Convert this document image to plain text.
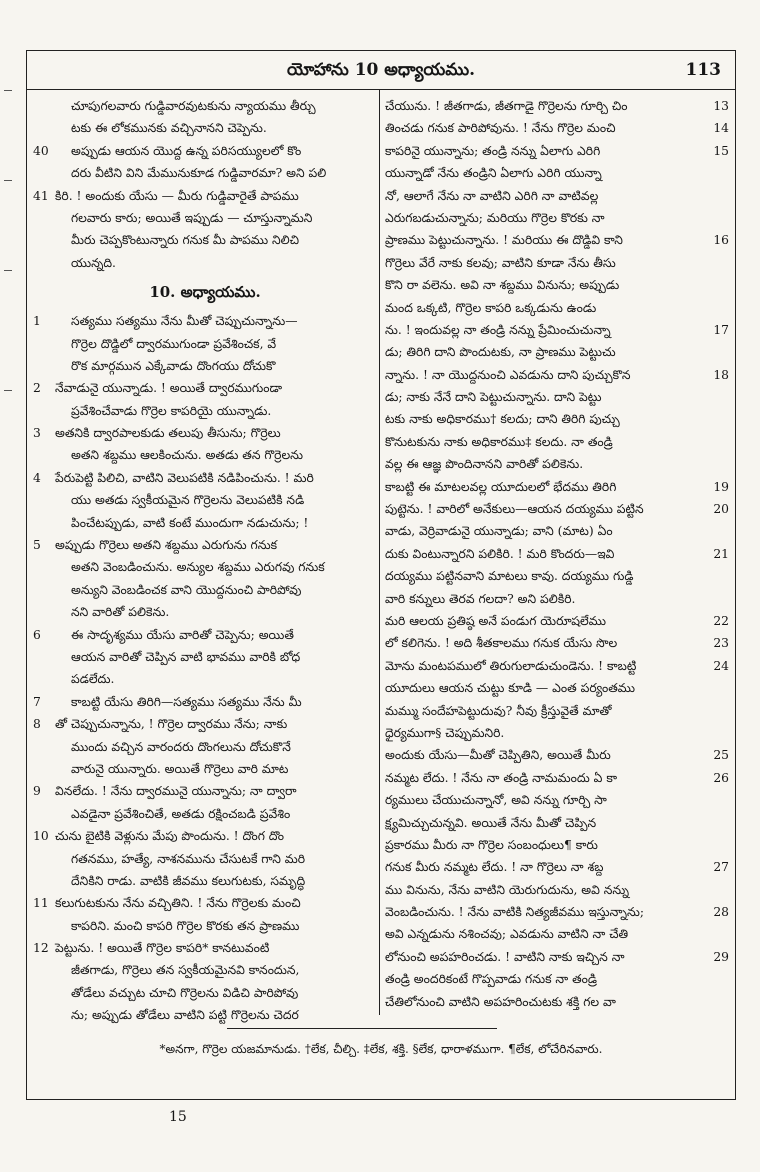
యోహాను 10 అధ్యాయము.	113
చూపుగలవారు గుడ్డివారవుటకును న్యాయము తీర్చు
టకు ఈ లోకమునకు వచ్చినానని చెప్పెను.
40	అప్పుడు ఆయన యొద్ద ఉన్న పరిసయ్యులలో కొం
దరు వీటిని విని మేమునుకూడ గుడ్డివారమా? అని పలి
41 కిరి. ! అందుకు యేసు — మీరు గుడ్డివారైతే పాపము
గలవారు కారు; అయితే ఇప్పుడు — చూస్తున్నామని
మీరు చెప్పకొంటున్నారు గనుక మీ పాపము నిలిచి
యున్నది.
10. అధ్యాయము.
1	సత్యము సత్యము నేను మీతో చెప్పుచున్నాను—
గొర్రెల దొడ్డిలో ద్వారముగుండా ప్రవేశించక, వే
రొక మార్గమున ఎక్కేవాడు దొంగయు దోచుకొ
2	నేవాడునై యున్నాడు. ! అయితే ద్వారముగుండా
ప్రవేశించేవాడు గొర్రెల కాపరియై యున్నాడు.
3	అతనికి ద్వారపాలకుడు తలుపు తీసును; గొర్రెలు
అతని శబ్దము ఆలకించును. అతడు తన గొర్రెలను
4	పేరుపెట్టి పిలిచి, వాటిని వెలుపటికి నడిపించును. ! మరి
యు అతడు స్వకీయమైన గొర్రెలను వెలుపటికి నడి
పించేటప్పుడు, వాటి కంటే ముందుగా నడుచును; !
5	అప్పుడు గొర్రెలు అతని శబ్దము ఎరుగును గనుక
అతని వెంబడించును. అన్యుల శబ్దము ఎరుగవు గనుక
అన్యుని వెంబడించక వాని యొద్దనుంచి పారిపోవు
నని వారితో పలికెను.
6	ఈ సాదృశ్యము యేసు వారితో చెప్పెను; అయితే
ఆయన వారితో చెప్పిన వాటి భావము వారికి బోధ
పడలేదు.
7	కాబట్టి యేసు తిరిగి—సత్యము సత్యము నేను మీ
8	తో చెప్పుచున్నాను, ! గొర్రెల ద్వారము నేను; నాకు
ముందు వచ్చిన వారందరు దొంగలును దోచుకొనే
వారునై యున్నారు. అయితే గొర్రెలు వారి మాట
9	వినలేదు. ! నేను ద్వారమునై యున్నాను; నా ద్వారా
ఎవడైనా ప్రవేశించితే, అతడు రక్షించబడి ప్రవేశిం
10 చును బైటికి వెళ్లును మేపు పొందును. ! దొంగ దొం
గతనము, హత్యే, నాశనమును చేసుటకే గాని మరి
దేనికిని రాడు. వాటికి జీవము కలుగుటకు, సమృద్ధి
11 కలుగుటకును నేను వచ్చితిని. ! నేను గొర్రెలకు మంచి
కాపరిని. మంచి కాపరి గొర్రెల కొరకు తన ప్రాణము
12 పెట్టును. ! అయితే గొర్రెల కాపరి* కానటువంటి
జీతగాడు, గొర్రెలు తన స్వకీయమైనవి కానందున,
తోడేలు వచ్చుట చూచి గొర్రెలను విడిచి పారిపోవు
ను; అప్పుడు తోడేలు వాటిని పట్టి గొర్రెలను చెదర
చేయును. ! జీతగాడు, జీతగాడై గొర్రెలను గూర్చి చిం	13
తించడు గనుక పారిపోవును. ! నేను గొర్రెల మంచి	14
కాపరినై యున్నాను; తండ్రి నన్ను ఏలాగు ఎరిగి	15
యున్నాడో నేను తండ్రిని ఏలాగు ఎరిగి యున్నా
నో, ఆలాగే నేను నా వాటిని ఎరిగి నా వాటివల్ల
ఎరుగబడుచున్నాను; మరియు గొర్రెల కొరకు నా
ప్రాణము పెట్టుచున్నాను. ! మరియు ఈ దొడ్డివి కాని	16
గొర్రెలు వేరే నాకు కలవు; వాటిని కూడా నేను తీసు
కొని రా వలెను. అవి నా శబ్దము వినును; అప్పుడు
మంద ఒక్కటి, గొర్రెల కాపరి ఒక్కడును ఉండు
ను. ! ఇందువల్ల నా తండ్రి నన్ను ప్రేమించుచున్నా	17
డు; తిరిగి దాని పొందుటకు, నా ప్రాణము పెట్టుచు
న్నాను. ! నా యొద్దనుంచి ఎవడును దాని పుచ్చుకొన	18
డు; నాకు నేనే దాని పెట్టుచున్నాను. దాని పెట్టు
టకు నాకు అధికారము† కలదు; దాని తిరిగి పుచ్చు
కొనుటకును నాకు అధికారము‡ కలదు. నా తండ్రి
వల్ల ఈ ఆజ్ఞ పొందినానని వారితో పలికెను.
కాబట్టి ఈ మాటలవల్ల యూదులలో భేదము తిరిగి	19
పుట్టెను. ! వారిలో అనేకులు—ఆయన దయ్యము పట్టిన	20
వాడు, వెర్రివాడునై యున్నాడు; వాని (మాట) ఏం
దుకు వింటున్నారని పలికిరి. ! మరి కొందరు—ఇవి	21
దయ్యము పట్టినవాని మాటలు కావు. దయ్యము గుడ్డి
వారి కన్నులు తెరవ గలదా? అని పలికిరి.
మరి ఆలయ ప్రతిష్ఠ అనే పండుగ యెరూషలేము	22
లో కలిగెను. ! అది శీతకాలము గనుక యేసు సొల	23
మోను మంటపములో తిరుగులాడుచుండెను. ! కాబట్టి	24
యూదులు ఆయన చుట్టు కూడి — ఎంత పర్యంతము
మమ్ము సందేహపెట్టుదువు? నీవు క్రీస్తువైతే మాతో
ధైర్యముగా§ చెప్పుమనిరి.
అందుకు యేసు—మీతో చెప్పితిని, అయితే మీరు	25
నమ్మట లేదు. ! నేను నా తండ్రి నామమందు ఏ కా	26
ర్యములు చేయుచున్నానో, అవి నన్ను గూర్చి సా
క్ష్యమిచ్చుచున్నవి. అయితే నేను మీతో చెప్పిన
ప్రకారము మీరు నా గొర్రెల సంబంధులు¶ కారు
గనుక మీరు నమ్మట లేదు. ! నా గొర్రెలు నా శబ్ద	27
ము వినును, నేను వాటిని యెరుగుదును, అవి నన్ను
వెంబడించును. ! నేను వాటికి నిత్యజీవము ఇస్తున్నాను;	28
అవి ఎన్నడును నశించవు; ఎవడును వాటిని నా చేతి
లోనుంచి అపహరించడు. ! వాటిని నాకు ఇచ్చిన నా	29
తండ్రి అందరికంటే గొప్పవాడు గనుక నా తండ్రి
చేతిలోనుంచి వాటిని అపహరించుటకు శక్తి గల వా
*అనగా, గొర్రెల యజమానుడు. †లేక, చీల్చి. ‡లేక, శక్తి. §లేక, ధారాళముగా. ¶లేక, లోచేరినవారు.
15
